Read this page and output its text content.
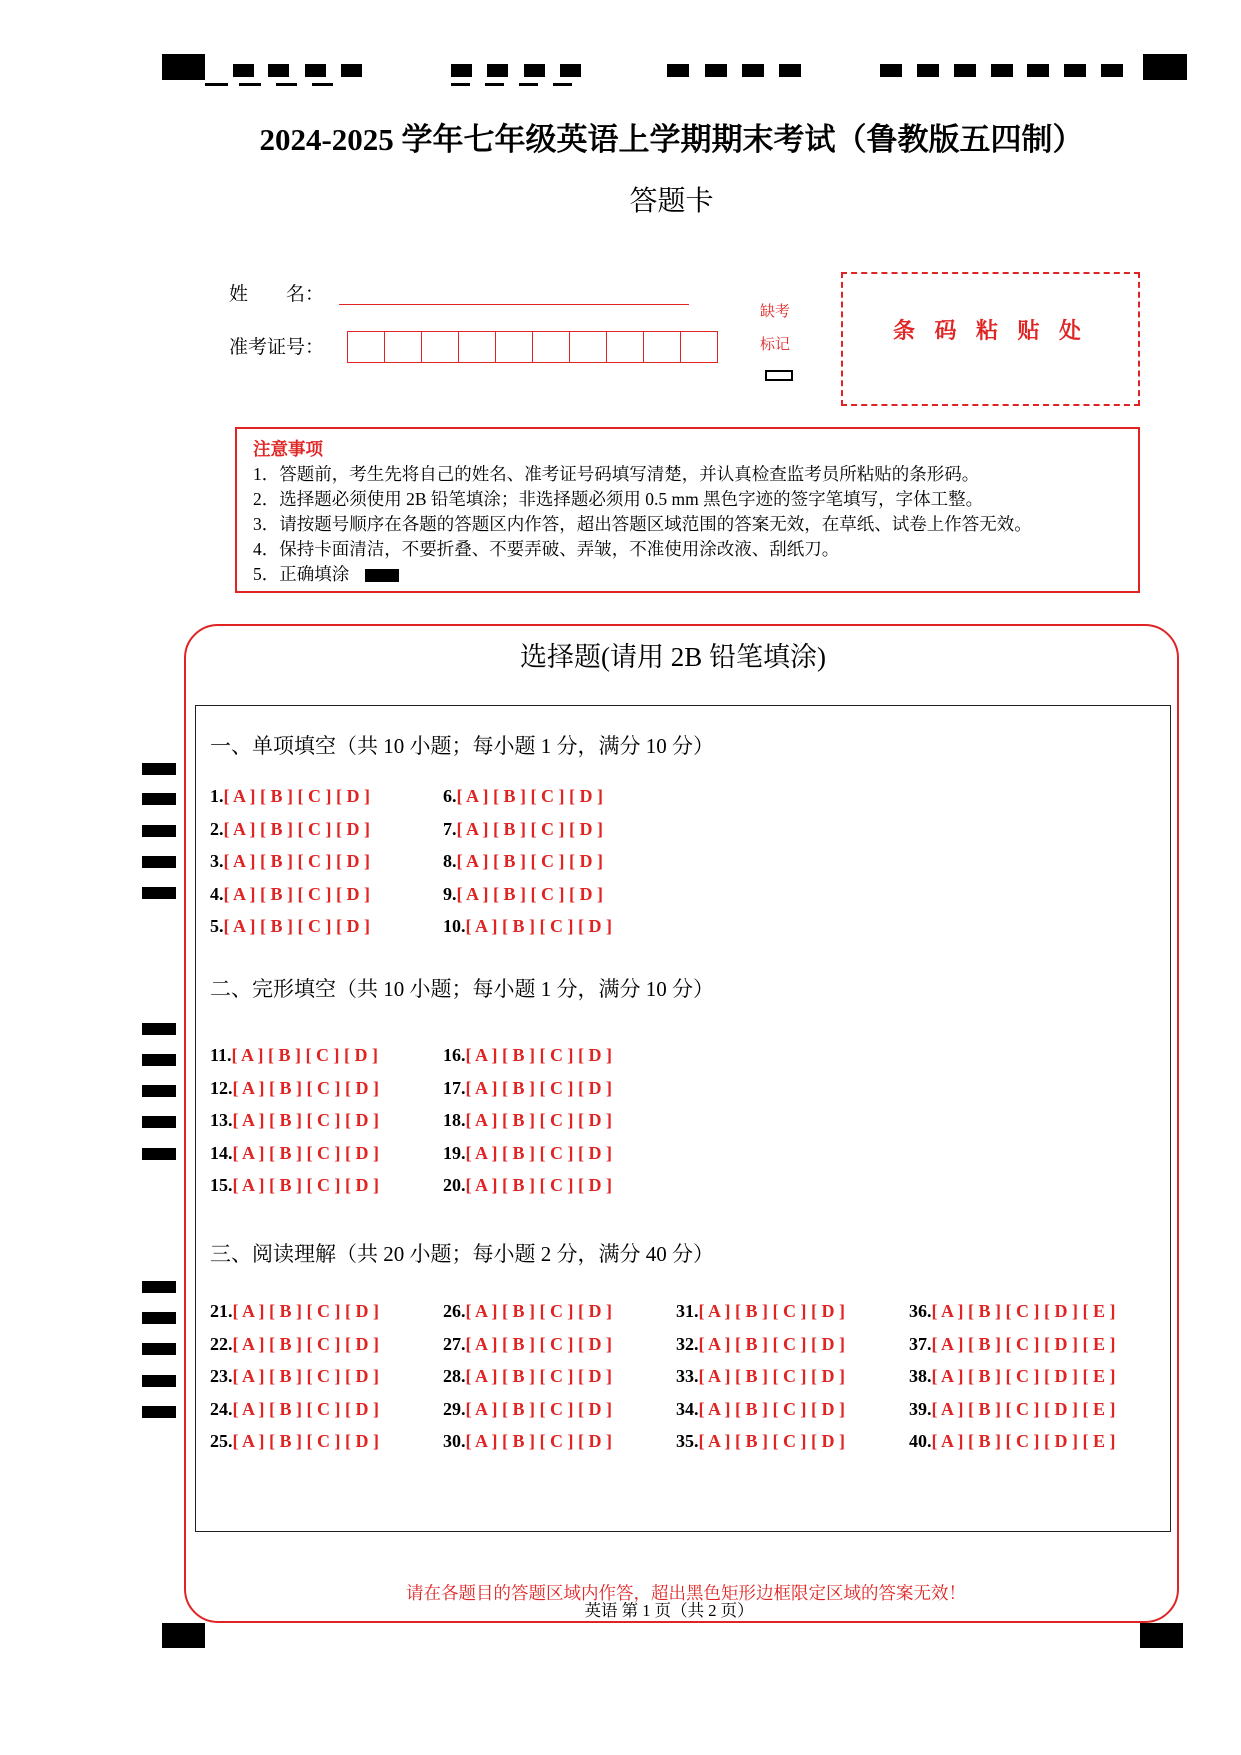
2024-2025 学年七年级英语上学期期末考试（鲁教版五四制）
答题卡
姓　　名：
准考证号：
缺考
标记
条 码 粘 贴 处
注意事项
1．答题前，考生先将自己的姓名、准考证号码填写清楚，并认真检查监考员所粘贴的条形码。
2．选择题必须使用 2B 铅笔填涂；非选择题必须用 0.5 mm 黑色字迹的签字笔填写，字体工整。
3．请按题号顺序在各题的答题区内作答，超出答题区域范围的答案无效，在草纸、试卷上作答无效。
4．保持卡面清洁，不要折叠、不要弄破、弄皱，不准使用涂改液、刮纸刀。
5．正确填涂
选择题(请用 2B 铅笔填涂)
一、单项填空（共 10 小题；每小题 1 分，满分 10 分）
1. [ A ] [ B ] [ C ] [ D ]
2. [ A ] [ B ] [ C ] [ D ]
3. [ A ] [ B ] [ C ] [ D ]
4. [ A ] [ B ] [ C ] [ D ]
5. [ A ] [ B ] [ C ] [ D ]
6. [ A ] [ B ] [ C ] [ D ]
7. [ A ] [ B ] [ C ] [ D ]
8. [ A ] [ B ] [ C ] [ D ]
9. [ A ] [ B ] [ C ] [ D ]
10. [ A ] [ B ] [ C ] [ D ]
二、完形填空（共 10 小题；每小题 1 分，满分 10 分）
11. [ A ] [ B ] [ C ] [ D ]
12. [ A ] [ B ] [ C ] [ D ]
13. [ A ] [ B ] [ C ] [ D ]
14. [ A ] [ B ] [ C ] [ D ]
15. [ A ] [ B ] [ C ] [ D ]
16. [ A ] [ B ] [ C ] [ D ]
17. [ A ] [ B ] [ C ] [ D ]
18. [ A ] [ B ] [ C ] [ D ]
19. [ A ] [ B ] [ C ] [ D ]
20. [ A ] [ B ] [ C ] [ D ]
三、阅读理解（共 20 小题；每小题 2 分，满分 40 分）
21. [ A ] [ B ] [ C ] [ D ]
22. [ A ] [ B ] [ C ] [ D ]
23. [ A ] [ B ] [ C ] [ D ]
24. [ A ] [ B ] [ C ] [ D ]
25. [ A ] [ B ] [ C ] [ D ]
26. [ A ] [ B ] [ C ] [ D ]
27. [ A ] [ B ] [ C ] [ D ]
28. [ A ] [ B ] [ C ] [ D ]
29. [ A ] [ B ] [ C ] [ D ]
30. [ A ] [ B ] [ C ] [ D ]
31. [ A ] [ B ] [ C ] [ D ]
32. [ A ] [ B ] [ C ] [ D ]
33. [ A ] [ B ] [ C ] [ D ]
34. [ A ] [ B ] [ C ] [ D ]
35. [ A ] [ B ] [ C ] [ D ]
36. [ A ] [ B ] [ C ] [ D ] [ E ]
37. [ A ] [ B ] [ C ] [ D ] [ E ]
38. [ A ] [ B ] [ C ] [ D ] [ E ]
39. [ A ] [ B ] [ C ] [ D ] [ E ]
40. [ A ] [ B ] [ C ] [ D ] [ E ]
请在各题目的答题区域内作答，超出黑色矩形边框限定区域的答案无效！
英语 第 1 页（共 2 页）
